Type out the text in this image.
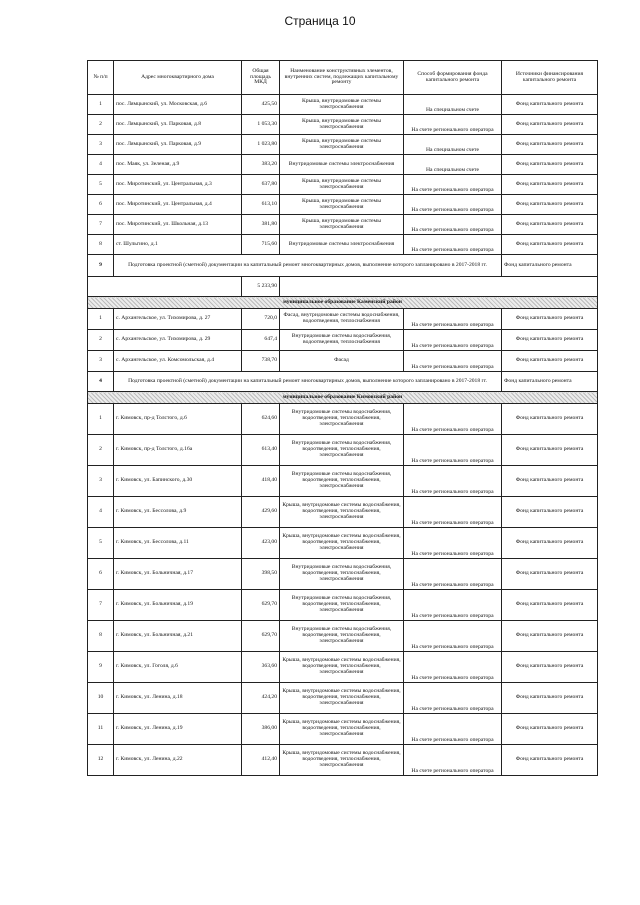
Страница 10
№ п/п	Адрес многоквартирного дома	Общая площадь МКД	Наименование конструктивных элементов, внутренних систем, подлежащих капитальному ремонту	Способ формирования фонда капитального ремонта	Источники финансирования капитального ремонта
1	пос. Лямцынский, ул. Московская, д.6	425,50	Крыша, внутридомовые системы электроснабжения	На специальном счете	Фонд капитального ремонта
2	пос. Лямцынский, ул. Парковая, д.8	1 053,30	Крыша, внутридомовые системы электроснабжения	На счете регионального оператора	Фонд капитального ремонта
3	пос. Лямцынский, ул. Парковая, д.9	1 023,80	Крыша, внутридомовые системы электроснабжения	На специальном счете	Фонд капитального ремонта
4	пос. Маяк, ул. Зеленая, д.9	383,20	Внутридомовые системы электроснабжения	На специальном счете	Фонд капитального ремонта
5	пос. Миротинский, ул. Центральная, д.3	637,80	Крыша, внутридомовые системы электроснабжения	На счете регионального оператора	Фонд капитального ремонта
6	пос. Миротинский, ул. Центральная, д.4	613,10	Крыша, внутридомовые системы электроснабжения	На счете регионального оператора	Фонд капитального ремонта
7	пос. Миротинский, ул. Школьная, д.13	381,80	Крыша, внутридомовые системы электроснабжения	На счете регионального оператора	Фонд капитального ремонта
8	ст. Шульгино, д.1	715,60	Внутридомовые системы электроснабжения	На счете регионального оператора	Фонд капитального ремонта
9	Подготовка проектной (сметной) документации на капитальный ремонт многоквартирных домов, выполнение которого запланировано в 2017-2018 гг.				Фонд капитального ремонта
		5 233,90			
муниципальное образование Каменский район					
1	с. Архангельское, ул. Тихомирова, д. 27	720,0	Фасад, внутридомовые системы водоснабжения, водоотведения, теплоснабжения	На счете регионального оператора	Фонд капитального ремонта
2	с. Архангельское, ул. Тихомирова, д. 29	647,4	Внутридомовые системы водоснабжения, водоотведения, теплоснабжения	На счете регионального оператора	Фонд капитального ремонта
3	с. Архангельское, ул. Комсомольская, д.4	738,70	Фасад	На счете регионального оператора	Фонд капитального ремонта
4	Подготовка проектной (сметной) документации на капитальный ремонт многоквартирных домов, выполнение которого запланировано в 2017-2018 гг.				Фонд капитального ремонта
муниципальное образование Кимовский район					
1	г. Кимовск, пр-д Толстого, д.6	624,60	Внутридомовые системы водоснабжения, водоотведения, теплоснабжения, электроснабжения	На счете регионального оператора	Фонд капитального ремонта
2	г. Кимовск, пр-д Толстого, д.16а	613,40	Внутридомовые системы водоснабжения, водоотведения, теплоснабжения, электроснабжения	На счете регионального оператора	Фонд капитального ремонта
3	г. Кимовск, ул. Бапинского, д.30	418,40	Внутридомовые системы водоснабжения, водоотведения, теплоснабжения, электроснабжения	На счете регионального оператора	Фонд капитального ремонта
4	г. Кимовск, ул. Бессолова, д.9	429,60	Крыша, внутридомовые системы водоснабжения, водоотведения, теплоснабжения, электроснабжения	На счете регионального оператора	Фонд капитального ремонта
5	г. Кимовск, ул. Бессолова, д.11	423,00	Крыша, внутридомовые системы водоснабжения, водоотведения, теплоснабжения, электроснабжения	На счете регионального оператора	Фонд капитального ремонта
6	г. Кимовск, ул. Больничная, д.17	398,50	Внутридомовые системы водоснабжения, водоотведения, теплоснабжения, электроснабжения	На счете регионального оператора	Фонд капитального ремонта
7	г. Кимовск, ул. Больничная, д.19	629,70	Внутридомовые системы водоснабжения, водоотведения, теплоснабжения, электроснабжения	На счете регионального оператора	Фонд капитального ремонта
8	г. Кимовск, ул. Больничная, д.21	629,70	Внутридомовые системы водоснабжения, водоотведения, теплоснабжения, электроснабжения	На счете регионального оператора	Фонд капитального ремонта
9	г. Кимовск, ул. Гоголя, д.6	363,60	Крыша, внутридомовые системы водоснабжения, водоотведения, теплоснабжения, электроснабжения	На счете регионального оператора	Фонд капитального ремонта
10	г. Кимовск, ул. Ленина, д.18	424,20	Крыша, внутридомовые системы водоснабжения, водоотведения, теплоснабжения, электроснабжения	На счете регионального оператора	Фонд капитального ремонта
11	г. Кимовск, ул. Ленина, д.19	386,00	Крыша, внутридомовые системы водоснабжения, водоотведения, теплоснабжения, электроснабжения	На счете регионального оператора	Фонд капитального ремонта
12	г. Кимовск, ул. Ленина, д.22	412,40	Крыша, внутридомовые системы водоснабжения, водоотведения, теплоснабжения, электроснабжения	На счете регионального оператора	Фонд капитального ремонта
